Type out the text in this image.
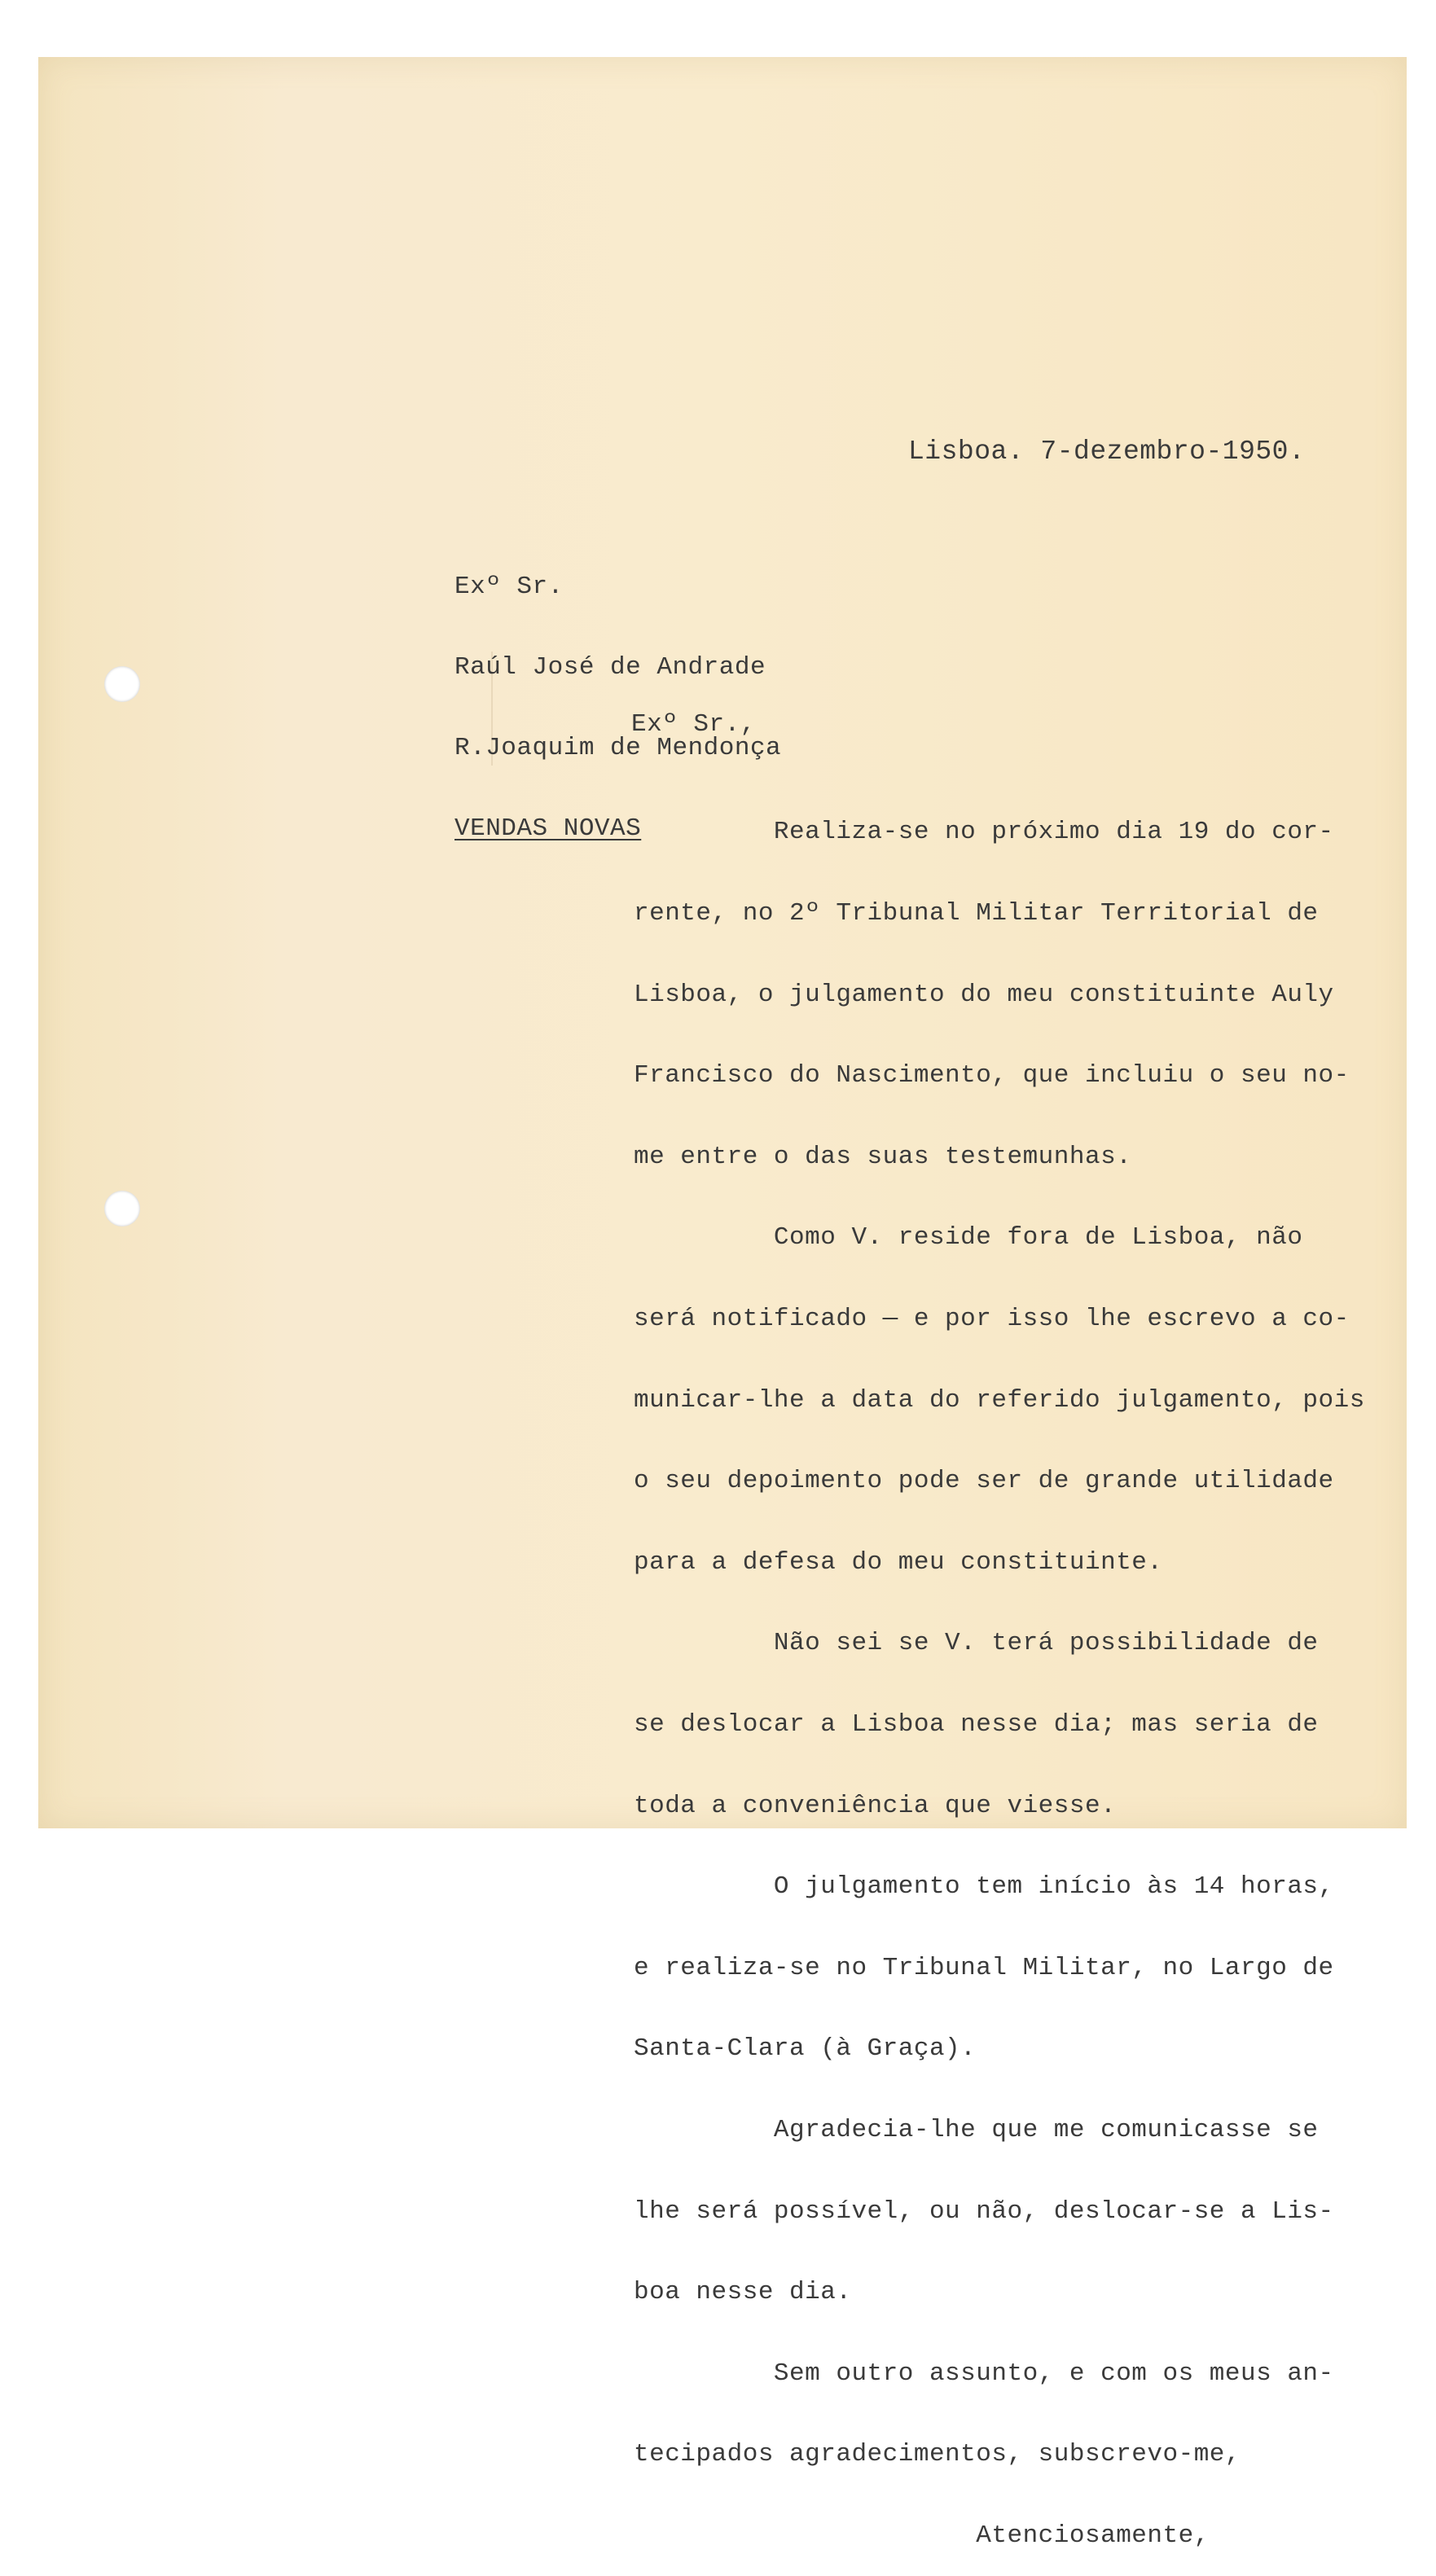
Lisboa. 7-dezembro-1950.

Exº Sr.

Raúl José de Andrade

R.Joaquim de Mendonça

VENDAS NOVAS

Exº Sr.,

Realiza-se no próximo dia 19 do cor-

rente, no 2º Tribunal Militar Territorial de

Lisboa, o julgamento do meu constituinte Auly

Francisco do Nascimento, que incluiu o seu no-

me entre o das suas testemunhas.

Como V. reside fora de Lisboa, não

será notificado — e por isso lhe escrevo a co-

municar-lhe a data do referido julgamento, pois

o seu depoimento pode ser de grande utilidade

para a defesa do meu constituinte.

Não sei se V. terá possibilidade de

se deslocar a Lisboa nesse dia; mas seria de

toda a conveniência que viesse.

O julgamento tem início às 14 horas,

e realiza-se no Tribunal Militar, no Largo de

Santa-Clara (à Graça).

Agradecia-lhe que me comunicasse se

lhe será possível, ou não, deslocar-se a Lis-

boa nesse dia.

Sem outro assunto, e com os meus an-

tecipados agradecimentos, subscrevo-me,

Atenciosamente,
